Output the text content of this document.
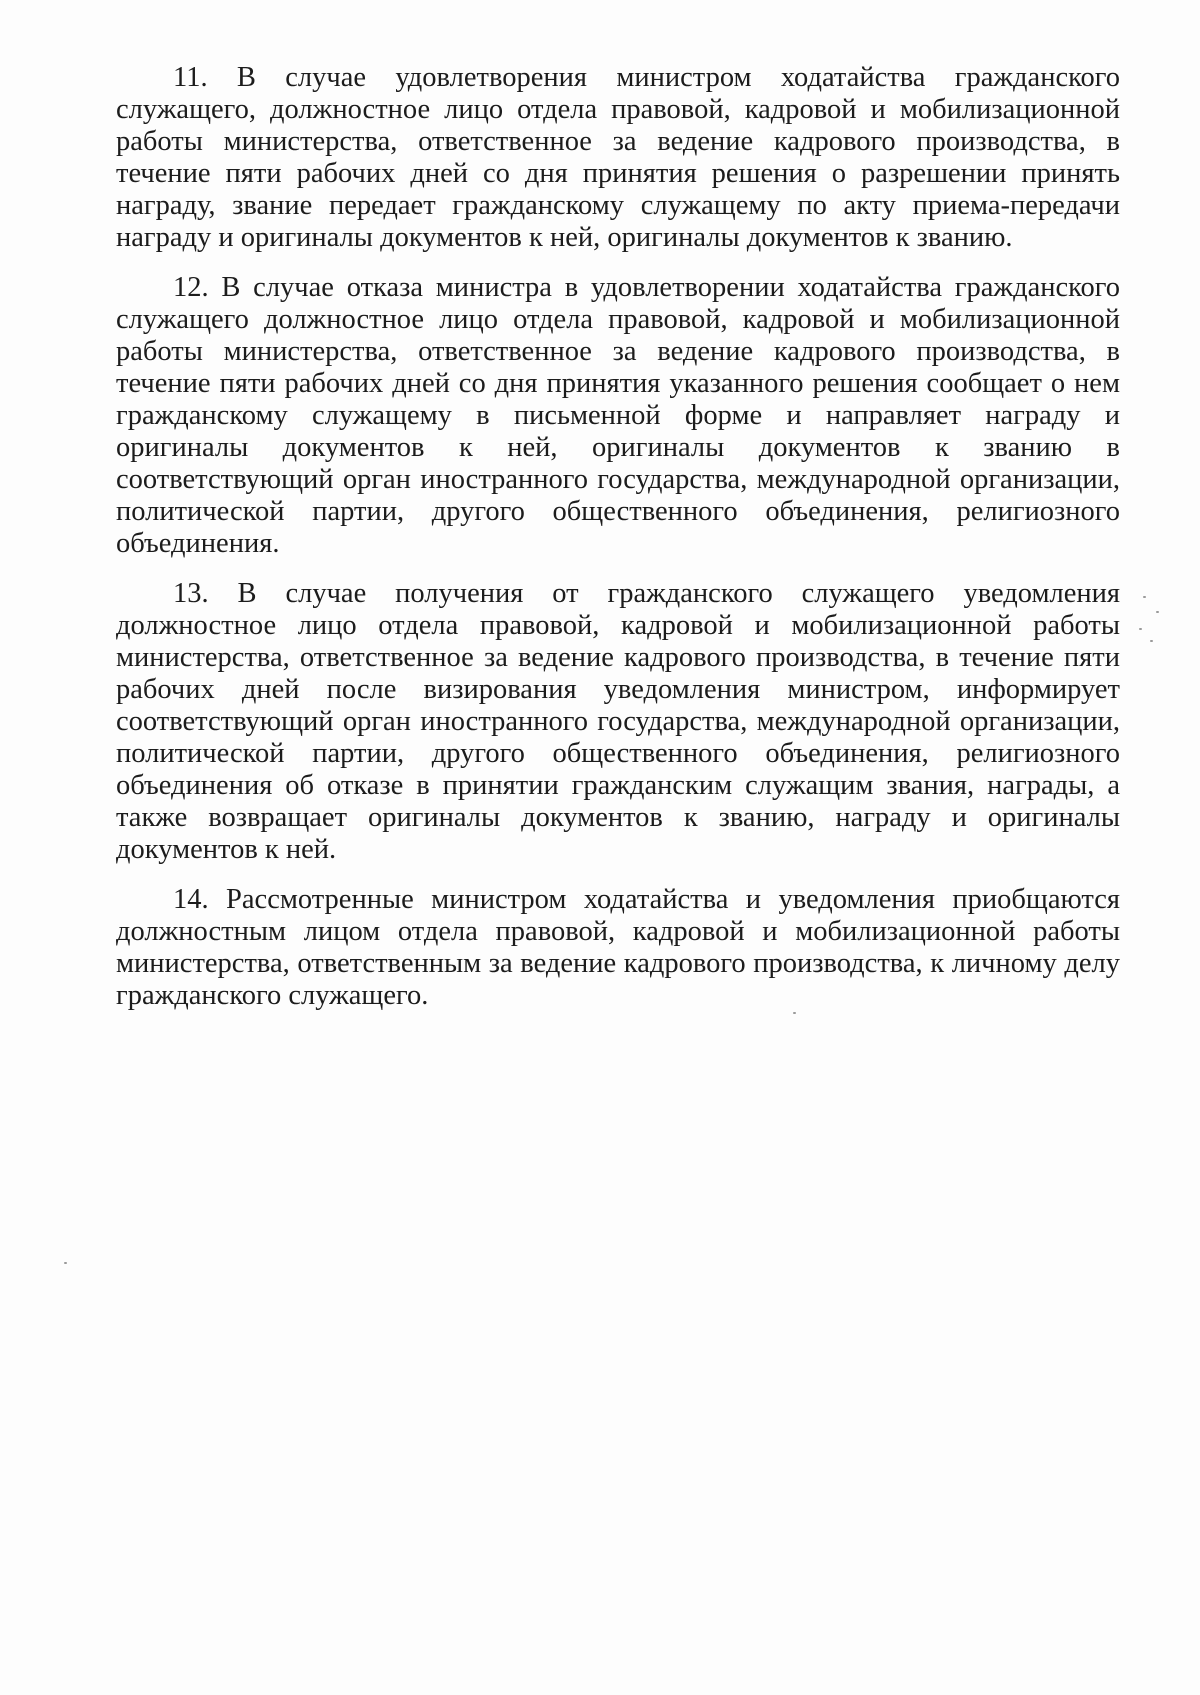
11. В случае удовлетворения министром ходатайства гражданского служащего, должностное лицо отдела правовой, кадровой и мобилизационной работы министерства, ответственное за ведение кадрового производства, в течение пяти рабочих дней со дня принятия решения о разрешении принять награду, звание передает гражданскому служащему по акту приема-передачи награду и оригиналы документов к ней, оригиналы документов к званию.

12. В случае отказа министра в удовлетворении ходатайства гражданского служащего должностное лицо отдела правовой, кадровой и мобилизационной работы министерства, ответственное за ведение кадрового производства, в течение пяти рабочих дней со дня принятия указанного решения сообщает о нем гражданскому служащему в письменной форме и направляет награду и оригиналы документов к ней, оригиналы документов к званию в соответствующий орган иностранного государства, международной организации, политической партии, другого общественного объединения, религиозного объединения.

13. В случае получения от гражданского служащего уведомления должностное лицо отдела правовой, кадровой и мобилизационной работы министерства, ответственное за ведение кадрового производства, в течение пяти рабочих дней после визирования уведомления министром, информирует соответствующий орган иностранного государства, международной организации, политической партии, другого общественного объединения, религиозного объединения об отказе в принятии гражданским служащим звания, награды, а также возвращает оригиналы документов к званию, награду и оригиналы документов к ней.

14. Рассмотренные министром ходатайства и уведомления приобщаются должностным лицом отдела правовой, кадровой и мобилизационной работы министерства, ответственным за ведение кадрового производства, к личному делу гражданского служащего.
